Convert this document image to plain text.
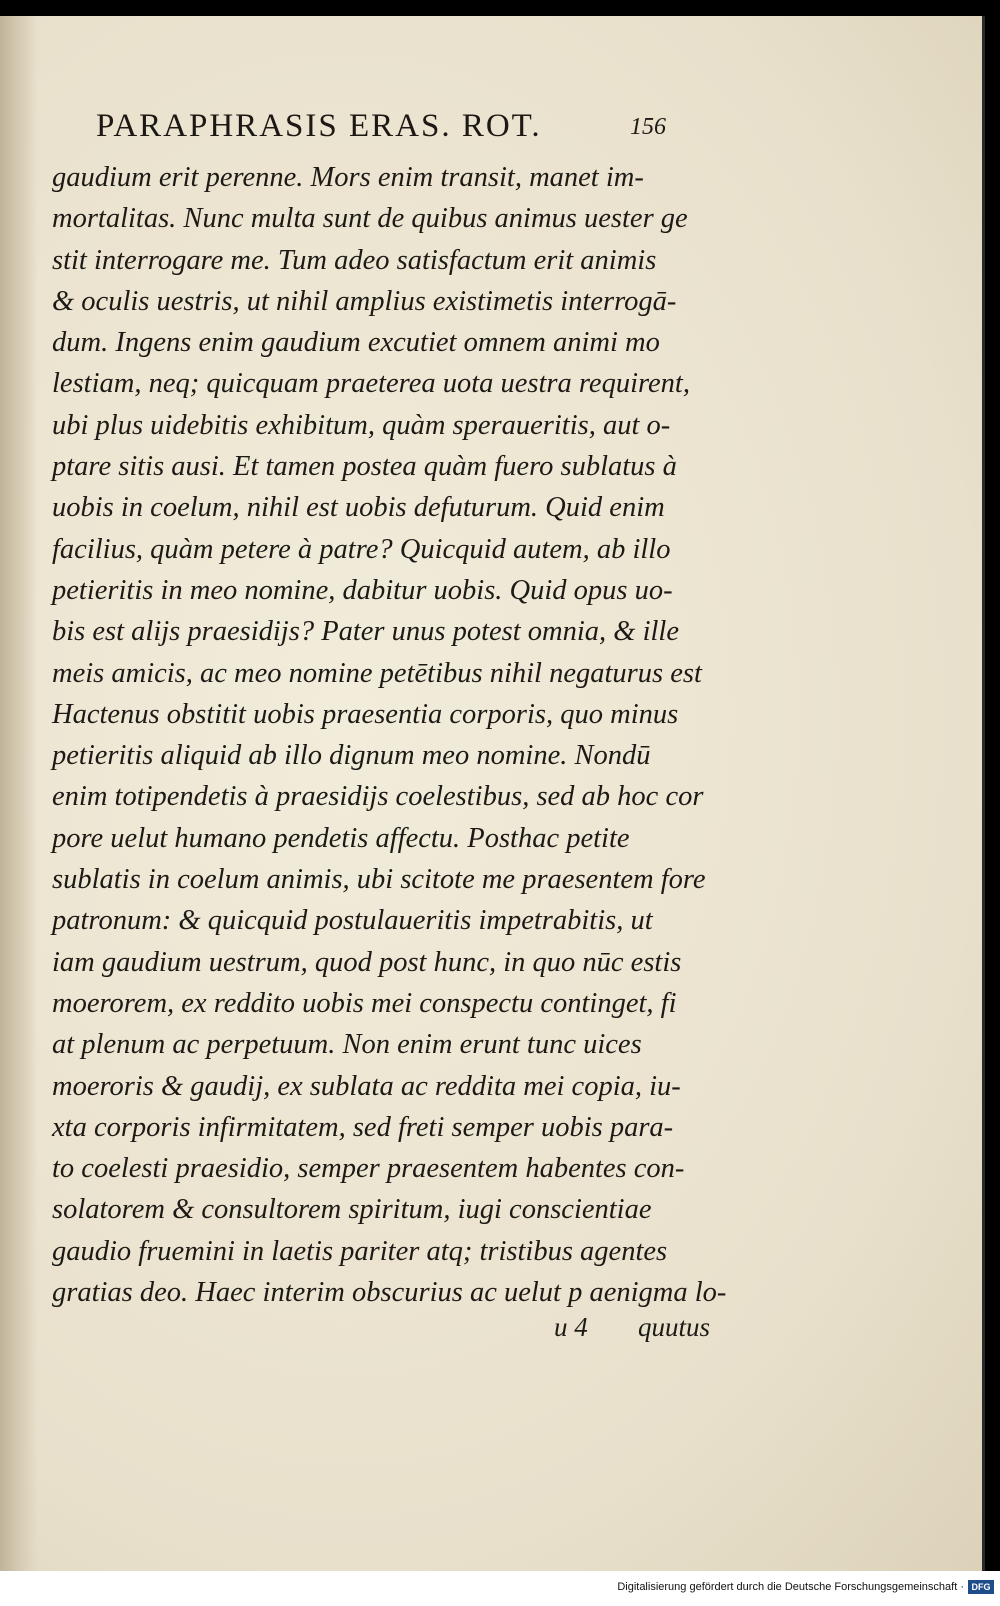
PARAPHRASIS ERAS. ROT.	156
gaudium erit perenne. Mors enim transit, manet im-
mortalitas. Nunc multa sunt de quibus animus uester ge
stit interrogare me. Tum adeo satisfactum erit animis
& oculis uestris, ut nihil amplius existimetis interrogā-
dum. Ingens enim gaudium excutiet omnem animi mo
lestiam, neq; quicquam praeterea uota uestra requirent,
ubi plus uidebitis exhibitum, quàm speraueritis, aut o-
ptare sitis ausi. Et tamen postea quàm fuero sublatus à
uobis in coelum, nihil est uobis defuturum. Quid enim
facilius, quàm petere à patre? Quicquid autem, ab illo
petieritis in meo nomine, dabitur uobis. Quid opus uo-
bis est alijs praesidijs? Pater unus potest omnia, & ille
meis amicis, ac meo nomine petētibus nihil negaturus est
Hactenus obstitit uobis praesentia corporis, quo minus
petieritis aliquid ab illo dignum meo nomine. Nondū
enim totipendetis à praesidijs coelestibus, sed ab hoc cor
pore uelut humano pendetis affectu. Posthac petite
sublatis in coelum animis, ubi scitote me praesentem fore
patronum: & quicquid postulaueritis impetrabitis, ut
iam gaudium uestrum, quod post hunc, in quo nūc estis
moerorem, ex reddito uobis mei conspectu continget, fi
at plenum ac perpetuum. Non enim erunt tunc uices
moeroris & gaudij, ex sublata ac reddita mei copia, iu-
xta corporis infirmitatem, sed freti semper uobis para-
to coelesti praesidio, semper praesentem habentes con-
solatorem & consultorem spiritum, iugi conscientiae
gaudio fruemini in laetis pariter atq; tristibus agentes
gratias deo. Haec interim obscurius ac uelut p aenigma lo-
u 4 quutus
Digitalisierung gefördert durch die Deutsche Forschungsgemeinschaft · DFG
